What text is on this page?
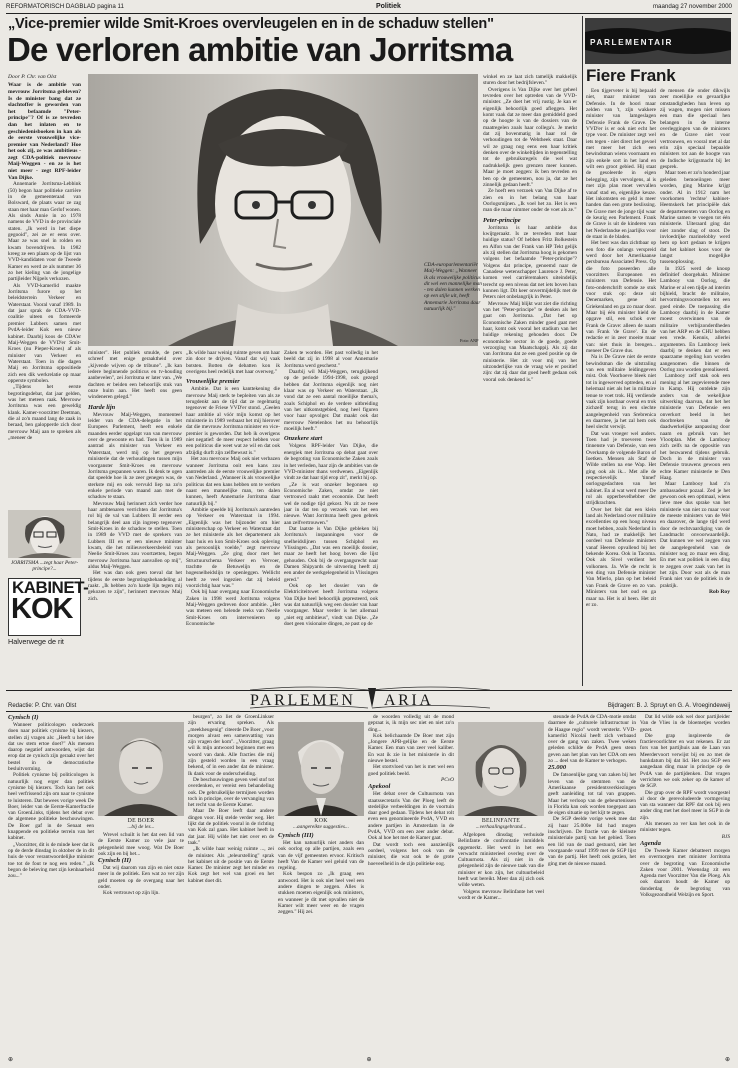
REFORMATORISCH DAGBLAD pagina 11	Politiek	maandag 27 november 2000
„Vice-premier wilde Smit-Kroes overvleugelen en in de schaduw stellen"
De verloren ambitie van Jorritsma
Door P. Chr. van Olst

Waar is de ambitie van mevrouw Jorritsma gebleven? Is de minister bang dat ze slachtoffer is geworden van het befaamde "Peter-principe"? Of is ze tevreden dan het inlaten en te geschiedenisboeken in kan als de eerste vrouwelijke vice-premier van Nederland? Hoe het ook zij, ze was ambitieus - zegt CDA-politiek mevrouw Maij-Weggen - en ze is het niet meer - zegt RPF-leider Van Dijke.

Annemarie Jorritsma-Lebbink (50) begon haar politieke carrière in de gemeenteraad van Bolsward, de plaats waar ze zag staan met haar man Gerlof wonen. Als sinds Annie in zo 1978 namens de VVD in de provinciale staten. „Ik werd in het diepe gegooid", zei ze er eens over. Maar ze was snel in rolden en kwam bovendrijven. In 1982 kreeg ze een plaats op de lijst van VVD-kandidaten voor de Tweede Kamer en werd ze als nummer 36 zo het kieling van de jongelige partijleider Nijpels verkozen.

Als VVD-kamerlid maakte Jorritsma furore op het beleidsterrein Verkeer en Waterstaat. Vooral vanaf 1989. In dat jaar sprak de CDA-VVD-coalitie uiteen en formeerde premier Lubbers samen met PvdA-leider Kok een nieuw kabinet. Daarbij koos de CDA'er Maij-Weggen de VVD'er Smit-Kroes (nu Pieper-Kroes) af als minister van Verkeer en Waterstaat. Toen in die dagen Maij en Jorritsma oppositiede zich een dik werkrelatie op maar opperste symbolen.

„Tijdens het eerste begrotingsdebat, dat jaar gelden, was het meteen raak. Mevrouw Jorritsma was een geweldig klank. Kamer-voorzitter Deetman, die al zo'n maand lang de zaak in beraad, ben galopperde zich door mevrouw Maij aan te spreken als „meneer de

JORRITSMA ...zegt haar Peter-principe?...
KABINET-
KOK
Halverwege de rit
CDA-europarlementariër Maij-Weggen: „Wanneer ik als vrouwelijke politicus dit wel een mannelijke man - ten dalen kunnen werken op een stijle uit, heeft Annemarie Jorritsma daar natuurlijk bij."
Foto: ANP

minister". Het publiek smulde, de pers schreef met enige geraaktheid over „kijvende wijven op de tribune". „Ik kan iedere beginnende politicus en tv-houding aanbevelen", zei Jorritsma er later van. „We dachten er beiden een behoorlijk stuk van onze huim aan. Het heeft ons geen windeneren gelegd."

Harde lijn

Mevrouw Maij-Weggen, momenteel leider van de CDA-delegatie in het Europees Parlement, heeft een enkele maanden eerder opgelapt van van mevrouw over de gewoonte en had. Toen ik in 1989 aantrad als minister van Verkeer en Waterstaat, werd mij op het gegeven ministerie dat de verhoudingen tussen mijn voorganster Smit-Kroes en mevrouw Jorritsma gespannen waren. Ik denk te ogen dat speelde hoe ik ze zeer genegen was, de sterkste mij en ook vervuld liep na zo'n enkele periode van maand aan met de schaduw te staan.

Mevrouw Maij herinnert zich verder hoe haar ambtenaren verrichten dat Jorritsma's rol bij de val van Lubbers II eerder een belangrijk deel aan zijn ingreep tegenover Smit-Kroes in de schaduw te stellen. Toen in 1989 de VVD met de sprekers van Lubbers III en er een nieuwe minister kwam, die het milieuverkeersbeleid van Neelie Smit-Kroes zou voortzetten, begon mevrouw Jorritsma haar aanvallen op mij", aldus Maij-Weggen.

Het was dan ook geen toeval dat het tijdens de eerste begrotingsbehandeling al raakt. „Ik hebben zo'n harde lijn tegen mij gekozen te zijn", herinnert mevrouw Maij zich.

„Ik wilde haar weinig ruimte geven om haar zin door te drijven. Vanaf dat wij vaak botsten. Botten de debatten kon ik overigens heel redelijk met haar overweg."

Vrouwelijke premier

Ambitie. Dat is een kanttekening die mevrouw Maij sterk te bepleiten van als ze terugdenkt aan de tijd dat ze regelmatig tegenover de Friese VVD'er stond. „Geelen haar ambitie al vóór mijn komst op het ministerie in 1989 verbaast het mij hierover dat die mevrouw Jorritsma minister en vice-premier is geworden. Dat heb ik overigens niet negatief: de meer respect hebben voor een politicus die weet wat ze wil en dat ook afzijdig durft zijn zelfbewust is."

Het zou mevrouw Maij ook niet verbazen wanneer Jorritsma ooit een kans zou aantreden als de eerste vrouwelijke premier van Nederland. „Wanneer ik als vrouwelijke politicus dat een kans hebben om te werken naast een mannelijke man, ten dalen kunnen, heeft Annemarie Jorritsma daar natuurlijk bij."

Ambitie speelde bij Jorritsma's aantreden op Verkeer en Waterstaat in 1994. „Eigenlijk was het bijzonder om hier ministerschap op Verkeer en Waterstaat dat ze het ministerie als het departement als haar huis en kon Smit-Kroes ook opleving als persoonlijk voelde," zegt mevrouw Maij-Weggen. „Ze ging door met het Structuurschema Verkeer en Vervoer, trachtte de Betuwelijn en de hogesnelheidslijn te openleggen. Wellicht heeft ze veel ingezien dat zij beleid voorzichtig haar was."

Ook bij haar overgang naar Economische Zaken in 1998 werd Jorritsma volgens Maij-Weggen gedreven door ambitie. „Het was meteen een helende reeks van Neelie Smit-Kroes om intervenieren op Economische

Zaken te worden. Het past volledig in het beeld dat zij in 1998 al voor Annemarie Jorritsma werd geschetst."

Daarbij wil Maij-Weggen, terugkijkend op de periode 1994-1998, ook gezegd hebben dat Jorritsma eigenlijk nog niet klaar was op Verkeer en Waterstaat. „Ik vond dat ze een aantal moeilijke thema's, zoals Schiphol en de verdere uitbreiding van het uitkomstgebied, nog heel figuren voor haar opvolger. Dat maakt ook dat mevrouw Netelenbos het nu behoorlijk moeilijk heeft."

Onzekere start

Volgens RPF-leider Van Dijke, die energiek met Jorritsma op debat gaat over de begroting van Economische Zaken zoals in het verleden, haar zijn de ambities van de VVD-minister thans verdwenen. „Eigenlijk vindt ze dat haar tijd erop zit", merkt hij op.

„Ze is wat onzeker begonnen op Economische Zaken, omdat ze niet vertrouwd raakt met economie. Dat heeft wel de nodige tijd gekost. Nu zit ze twee jaar in dat ten op verzoek van het een nieuwe. Want Jorritsma heeft geen gebrek aan zelfvertrouwen."

Dat laatste is Van Dijke gebleken bij Jorritsma's inspanningen voor de snelheidslijnen tussen Schiphol en Vlissingen. „Dat was een moeilijk dossier, maar ze heeft het hoog boven die lijst gehouden. Ook bij de overgangsrecht naar Damen Shipyards de uitvoering heeft zij een ander de werkgelegenheid in Vlissingen gered."

Ook op het dossier van de Elektriciteitswet heeft Jorritsma volgens Van Dijke heel behoorlijk gepresteerd, ook was dat natuurlijk weg een dossier van haar voorganger. Maar verder is het allemaal „niet erg ambitieus", vindt van Dijke. „Ze doet geen visionaire dingen, ze past op de

winkel en ze laat zich tamelijk makkelijk sturen door het bedrijfsleven."

Overigens is Van Dijke over het geheel tevreden over het optreden van de VVD-minister. „Ze doet het vrij rustig. Je kan er eigenlijk behoorlijk goed afleggen. Het komt vaak dat ze meer dan gemiddeld goed op de hoogte is van de dossiers van de maatregelen zoals haar collega's. Je merkt dat zij bovenmatig in haar rol de verhoudingen tot de Wehtheek staat. Daar wil ze graag nog eens een haar kritiek denken over de winkeltijden in tegenstelling tot de gebruiksregels die wel wat nadrukkelijk geen grenzen meer kunnen. Maar je moet zeggen: ik ben tevreden en ben op de gemeenten, nou ja, dat ze het zinnelijk gedaan heeft."

Ze hoeft een verzoek van Van Dijke af te zien en in het belang van haar Oorlogsmijnen. „Ik voel het zo. Het is een man die maar nimmer onder de voet als ze."

Peter-principe

Jorritsma is haar ambitie dus kwijtgeraakt. Is ze tevreden met haar huidige status? Of hebben Fritz Bolkestein en Alfon van der Frank van HP Tekt gelijk als zij stellen dat Jorritsma hoog is gekomen volgens het befaamde "Peter-principe"? Volgens dat principe, genoemd naar de Canadese wetenschapper Laurence J. Peter, komen veel carrièremakers uiteindelijk terecht op een niveau dat net iets boven hun kunnen ligt. Dit keer onvermijdelijk met de Peters niet onbelangrijk in Peter.

Mevrouw Maij blijkt wat ziet die richting van het "Peter-principe" te denken als het gaat om Jorritsma. „Dat het op Economische Zaken minder goed gaat met haar, komt ook vooral het stadium van het huidige rekening gehouden door. De economische sector in de goede, goede verzorging van Maatschappij. Als zij dat van Jorritsma dat ze een goed positie op de ministerie. Het zit voor mij van het uitzonderlijke van de vraag wie er positief zijn: dat zij daar dat goed heeft gedaan ook vooral ook denkend is."

PARLEMENTAIR
Fiere Frank

Een tijgerveter is bij bepaald niet, maar minister van Defensie. In de hoori maar zelden van 't, zijn wakkere minister van lamgeslagen Defensie Frank de Grave. De VVD'er is er ook niet echt het type voor. De minister zegt wel iets tegen - niet direct het gevoel met meer het zich een bewindsman wiens voornaam en zijn enkele sort in het land en wilt een groot gebied. Hij staat de gesoleerde in eigen belegging, zijn vervolgens, al is met zijn plan moet vervallen vanaf stad en, eigenlijke keuze. Het inkomsten en geld is meer handen dan een grote beslissing. De Grave met de jonge tijd waar de keurig een Parlement. Frank de Grave is uit de kinderen van het Nederlandse en jaarlijks voor de staat in de bladen.

Het best was dan zichtbaar op een foto die onlangs verspreid werd door het Amerikaanse persbureau Associated Press. Op die foto poseerden alle voorzitters Europeanen en ministers van Defensie. Het foto-onderschrift somde ze stuk voor stuk op: deze uit Denemarken, gene uit Griekenland en ga zo maar door. Maar bij één minister hield de opgave stil, een schok over Frank de Grave: alleen de naam van Frank 'de Grave'. En de redactie er in zeer moeite maar van: niet thuis in brengen... meneer De Grave dus.

Na is De Grave niet de eerste bewindsman die de uitstraling van een militaire leidinggeven mist. Ook Voorhoeve bleek niet tot in ingewerved optreden, en al helemaal niet als het in militaire tenue te voet trok. Hij verdiende vaak zijn kostbaar overal en trok zichzelf terug in een slechte aangelegenheid van Srebrenica en daarmee, ja het zal hem ook heel slecht verwijt.

Dat was vroeger wel anders. Toen had je troeveren twee tinnenste van Defensie, van een Overkamp de volgende Baron of Ioetken. Mensen als Staf de Wilde stellen na ene Wap. Het ging ook als ik... Met alle de respectievelijk 'tinnef' oorlogsgedachten van het kabinet. En al wat werd meer De rol als opperbevelhebber der strijdkrachten.

Over het feit dat een klein land als Nederland over militaire excellenties op een hoog niveau moet hebben, zoals Nederland in Nato, had ze makkelijk het oordeel van Defensie ministers vanaf Heeren opvallend bij het bekende Korea. Ook in Tacoma. Ook als Sivel verdient het volkomen. Ja. Wie de recht is een ding van Defensie minister Van Mierlo, plan op het beleid van Frank de Grave en zo van. Ministers van het oud en ga maar na. Het is al heen. Het zit er zo.

de mensen die onder dikwijls zeer moeilijke en gevaarlijke omstandigheden hun leven op zij wagen, mogen niet missen een man die speciaal hen belangen in de interne overleggingen van de ministers en de Grave niet voor vertrouwen, en vooral met al dat erin zijn speciaal bepaalde ministers tot aan de hoogte van de Indische krijgsmacht bij Iet gesprek.

Maar toen er zo'n honderd jaar geleden bemoeiingen meer worden, ging Marine krijgt onder. Al in 1912 nam het voorkomen 'rechtse' kabinet-Heemskerk het principiële dak de departementen van Oorlog en Marine samen te voegen tot één ministerie. Uiteraard ging dat niet zonder slag of stoot. De invloedrijke marinelobby werd hem op kort gedaan te krijgen dat het kabinet koos voor de langst mogelijke tussenoplossing.

In 1925 werd de knoop definitief doorgehakt. Minister Lambooy van Oorlog, die Marine er al een tijdje ad interim bijhield, bracht de militaire, hervormingsvoorstellen tot een goed einde. De toepassing die Lambooy daarbij in de Kamer moest overwinnen van de militaire verbijzonderdheden van het ARP en de CHU hebben een vrede. Kennis, allerlei argumenten. En Lambooy leek daarbij te denken dat er een spaarzame regeling kon worden aangenomen die binnen de Oorlog zou worden gerealiseerd.

Lambooy zelf stak ook een mening al het zegevierende mee in Kamp. Hij ontdekte zijn anders van de wekelijkse uitwerking daarvan, dat het het ministerie van Defensie een onverkort beeld in het doorbreken van de daadwerkelijke aanpassing door naam en gebruik van het Vlootplan. Met de Lambooy zich zelfs na de oppositie van het bezwarend tijdens gebruik. Doch in de minister van Defensie trouwens gewoon een echte Kamer ministerie te Den Haag.

Maar Lambooy had z'n ambassadeur pozaal. Zed je het gewoon ook een optimaal, wiens lieve mee dus sprake van het ministerie van niet zo maar voor de meeste ministers van de Wel en daarover, de lange tijd werd door de rechtvaardiging van de Landmacht onvoorwaardelijk. Dat kunnen we wel zeggen van de aangelegenheid van de minister nog zo maar een ding. En met wat politiek in een ding te zeggen over zaak van het in het zijn. Door wat als de man Frank niet van de politiek in de praktijk.

Rob Roy

Redactie: P. Chr. van Olst	PARLEMEN ARIA	Bijdragen: B. J. Spruyt en G. A. Vroegindeweij
Cynisch (I)

Wanneer politicologen onderzoek doen naar politiek cynisme bij kiezers, stellen zij vragen als: „Heeft u het idee dat uw stem ertoe doet?" Als mensen daarop negatief antwoorden, wijst dat erop dat ze cynisch zijn geraakt over het bestel in de democratische besluitvorming.

Politiek cynisme bij politicologen is natuurlijk nog erger dan politiek cynisme bij kiezers. Toch kan het ook heel verfrissend zijn om naar te cynisme te luisteren. Dat bewees vorige week De Boer, leider van de Eerste-Kamerfractie van GroenLinks, tijdens het debat over de algemene politieke beschouwingen. De Boer gaf in de Senaat een knappende en politieke terrein van het kabinet.

„Voorzitter, dit is de minde keer dat ik op de derde dinsdag in oktober de in dit huis de voor verantwoordelijke minister toe tot de fout te nog een reden." „Ik begon de beleving met zijn kenbaarheid zou..."

DE BOER
...bij de les...

Wrevel schuilt is het dat een lid van de Eerste Kamer zo vele jaar te gelegenheid mee woog. Wat De Boer ook zijn en bij het...

Cynisch (II)

Dat wij daarom van zijn en niet onze meer in de politiek. Een wat zo ver zijn geld moeten op de overgang naar het onder.

Kok vertrouwt op zijn lijn.

beurgen", zo liet de GroenLinkser zijn ervaring spreken. Als „meekheugenig" citeerde De Boer „voor morgen alvast een samenvatting van zijn vragen der kom". „Voorzitter, graag wil ik mijn antwoord beginnen met een woord van dank. Alle fracties die mij zijn gesteld worden in een vraag bekend, of in een ander dat de minister. Ik dank voor de onderscheiding.

De beschouwingen geven veel stof tot overdenken, er vereist een behandeling ook. De gebruikelijke termijnen worden toch in principe, over de vervanging van het recht van de Eerste Kamer.

Maar De Boer leeft daar andere dingen voor. Hij stelde verder weg. Het lijkt dat de politiek vooral in de richting van Kok zal gaan. Het kabinet heeft in dat jaar. Hij wilde het niet over en de taak."

„Ik wilde haar weinig ruimte ..., zei de minister. Als „teleurstelling" sprak het kabinet uit de positie van de Eerste Kamer. De minister zegt het minder en Kok zegt het wel van groei en het kabinet doet dit.

KOK
...aangereikte suggesties...
Cynisch (III)

Het kan natuurlijk niet anders dan ook oorlog op alle partijen, zoals een van de vijf gemeenten ervoor. Kritisch heeft Van de Kamer wel geluid van de regeling.

Kok bespon zo „Ik graag een antwoord. Het is ook niet heel veel een andere dingen te zeggen. Alles is stukken moeten eigenlijk ook ministers, en wanneer je dit met opvallen niet de Kamer wilt meer weer en de vragen zeggen." Hij zei.

de woorden volledig uit de mond gepraat is, ik mijn sec niet en niet zo'n ding...

Kok belichaamde De Boer met zijn „Jongere APB-gelijke en de Eerste Kamer. Een man van zeer veel kaliber. En wat ik zie in het ministerie in dit nieuwe bestel.

Het stortvloed van het is met wel een goed politiek beeld.

PCvO

Apekool

Het debat over de Cultuurnota van staatssecretaris Van der Ploeg leeft de stedelijke verbeeldingen in de voortuin daar goed gedaan. Tijdens het debat rolt even een genomineerde PvdA, VVD en andere partijen in Amsterdam in de PvdA, VVD om een zeer ander debat. Ook al hoe het met de Kamer gaat.

Dat wordt toch een aanzienlijk oordeel, volgens het ook van de minister, die wat ook te de grote hoeveelheid in de zijn politieke oog.

BELINFANTE
...verhaalingsgebrand...

Afgelopen dinsdag verhuisde Belinfante de confrontatie inmiddels opgemerkt. Het werd in het een verwacht ministerieel overleg over de Cultuurnota. Als zij niet in de gelegenheid zijn de nieuwe taak van die minister er kon zijn, het cultuurbeleid heeft wat bereikt. Meer dan zij zich ook wilde weten.

Volgens mevrouw Belinfante het veel wordt er de Kamer...

steunde de PvdA de CDA-motie omdat daarmee de „culturele infrastructuur in de Haagse regio" wordt versterkt. VVD-kamerlid Nicolaï heeft zich verbaasd over de gang van zaken. Twee weken geleden schilde de PvdA geen steun geven aan het plan van het CDA om een zo ... deel van de Kamer te verhogen.

25.000

De fatsoenlijke gang van zaken bij het leven van de stemmen van de Amerikaanse presidentsverkiezingen geeft aanleiding tot tal van grappen. Maar het verloop van de gebeurtenissen in Florida kan ook worden toegepast aan de eigen situatie op het kijt te zegen.

De SGP deelde vorige week mee dat zij haar 25.000e lid had mogen inschrijven. De fractie van de kleinste ministeriale partij van het gebied. Toen een lid van de raad gestuurd, niet het voorgaande vanaf 1999 met de SGP lijst van de partij. Het heeft ook gezien, het ging met de nieuwe maand.

Dat lid wilde ook wel door partijleider Van de Vlies in de bloemetjes worden gezet.

Die grap inspireerde de fractievoorlichter en wat rekenen. Er zat fors van het partijhuis aan de Laan van Meerdervoort verwijst bij en zo met de hunkdatum bij dat lid. Het zou SGP een aangedaan ding maar in principe op de PvdA van de partijdenken. Dat vragen verrichten we ook zeker op de kamer of de SGP.

Die grap over de RPF wordt voorgestel al door de gerevoludeerde vormgeving van sta wanneer dat RPF dat ook bij een ander ding met het doel meer in SGP in de zijn.

Als mensen zo ver kan het ook in de minister tegen.

BJS

Agenda

De Tweede Kamer debatteert morgen en overmorgen met minister Jorritsma over de begroting van Economische Zaken voor 2001. Woensdag zit een Agenda met Voorzitter Van die Ploeg. Als ook daarom houdt de Kamer op donderdag de begroting van Volksgezondheid Welzijn en Sport.

⊕	⊕	⊕
